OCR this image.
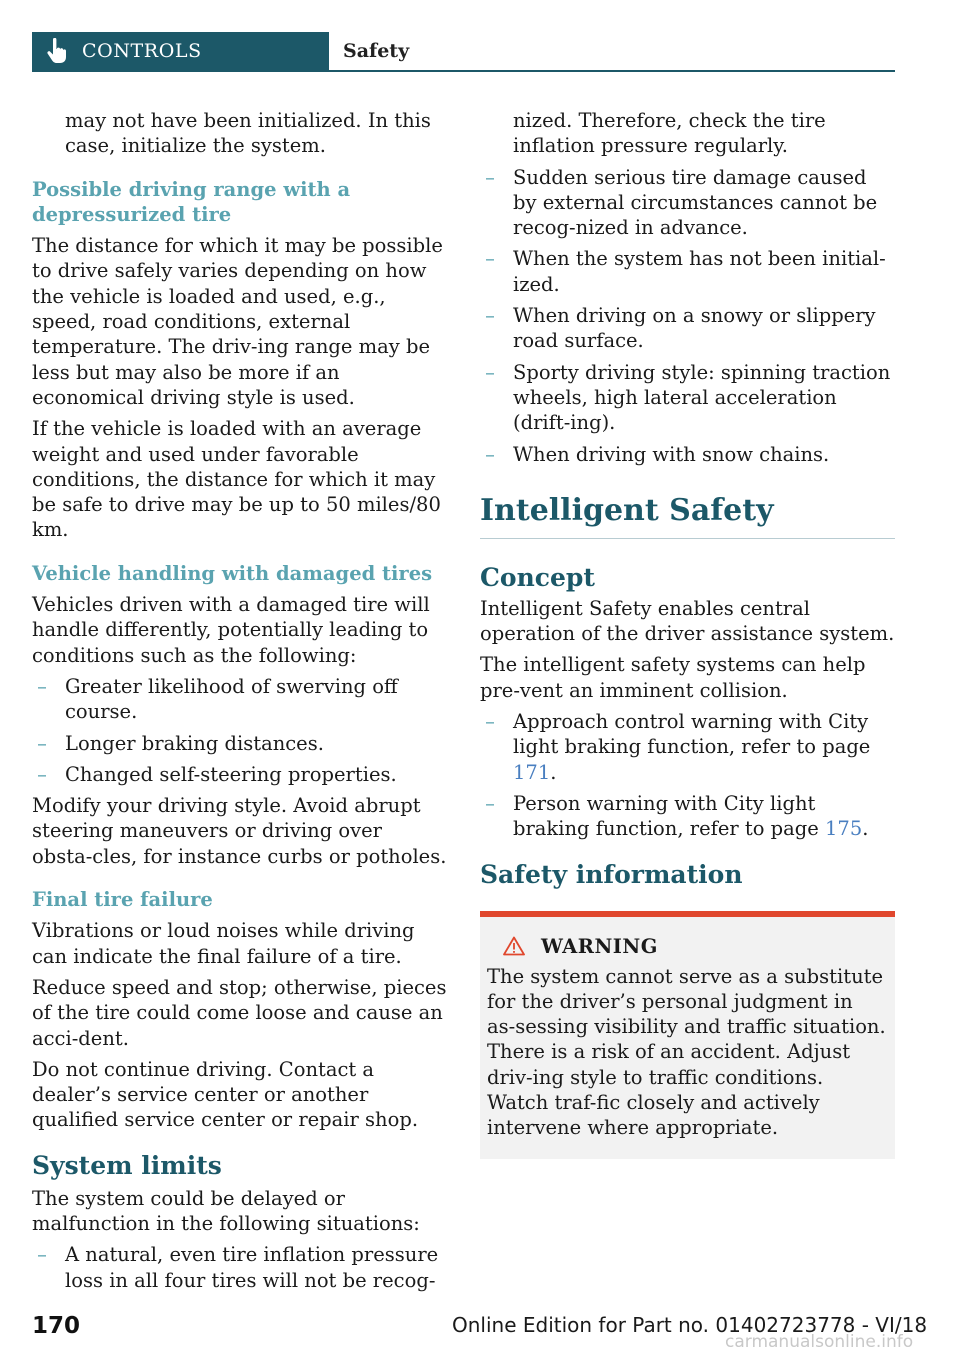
CONTROLS	Safety

may not have been initialized. In this case, initialize the system.

Possible driving range with a depressurized tire

The distance for which it may be possible to drive safely varies depending on how the vehicle is loaded and used, e.g., speed, road conditions, external temperature. The driv-ing range may be less but may also be more if an economical driving style is used.

If the vehicle is loaded with an average weight and used under favorable conditions, the distance for which it may be safe to drive may be up to 50 miles/80 km.

Vehicle handling with damaged tires

Vehicles driven with a damaged tire will handle differently, potentially leading to conditions such as the following:

– Greater likelihood of swerving off course.
– Longer braking distances.
– Changed self-steering properties.

Modify your driving style. Avoid abrupt steering maneuvers or driving over obsta-cles, for instance curbs or potholes.

Final tire failure

Vibrations or loud noises while driving can indicate the final failure of a tire.

Reduce speed and stop; otherwise, pieces of the tire could come loose and cause an acci-dent.

Do not continue driving. Contact a dealer’s service center or another qualified service center or repair shop.

System limits

The system could be delayed or malfunction in the following situations:

– A natural, even tire inflation pressure loss in all four tires will not be recog-

nized. Therefore, check the tire inflation pressure regularly.

– Sudden serious tire damage caused by external circumstances cannot be recog-nized in advance.
– When the system has not been initial-ized.
– When driving on a snowy or slippery road surface.
– Sporty driving style: spinning traction wheels, high lateral acceleration (drift-ing).
– When driving with snow chains.
Intelligent Safety
Concept

Intelligent Safety enables central operation of the driver assistance system.

The intelligent safety systems can help pre-vent an imminent collision.

– Approach control warning with City light braking function, refer to page 171.
– Person warning with City light braking function, refer to page 175.
Safety information
WARNING

The system cannot serve as a substitute for the driver’s personal judgment in as-sessing visibility and traffic situation. There is a risk of an accident. Adjust driv-ing style to traffic conditions. Watch traf-fic closely and actively intervene where appropriate.

170	Online Edition for Part no. 01402723778 - VI/18
carmanualsonline.info
